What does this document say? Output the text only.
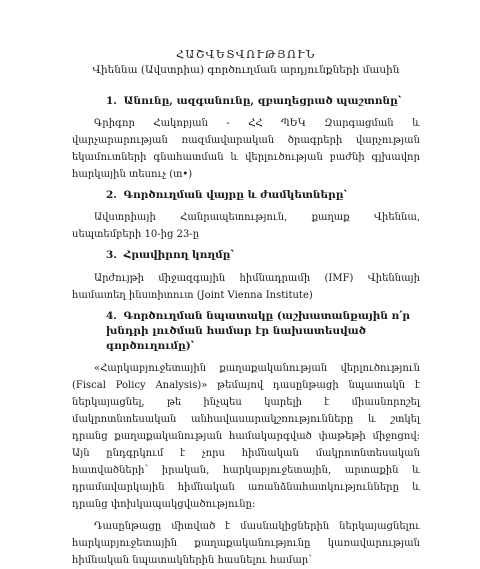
ՀԱՇՎԵՏՎՈՒԹՅՈՒՆ
Վիեննա (Ավստրիա) գործուղման արդյունքների մասին
1. Անունը, ազգանունը, զբաղեցրած պաշտոնը՝

Գրիգոր Հակոբյան - ՀՀ ՊԵԿ Զարգացման և վարչարարության ռազմավարական ծրագրերի վարչության եկամուտների գնահատման և վերլուծության բաժնի գլխավոր հարկային տեսուչ (տ•)

2. Գործուղման վայրը և ժամկետները՝

Ավստրիայի Հանրապետություն, քաղաք Վիեննա, սեպտեմբերի 10-ից 23-ը

3. Հրավիրող կողմը՝

Արժույթի միջազգային հիմնադրամի (IMF) Վիեննայի համատեղ ինստիտուտ (Joint Vienna Institute)

4. Գործուղման նպատակը (աշխատանքային ո՛ր խնդրի լուծման համար էր նախատեսված գործուղումը)՝

«Հարկաբյուջետային քաղաքականության վերլուծություն (Fiscal Policy Analysis)» թեմայով դասընթացի նպատակն է ներկայացնել, թե ինչպես կարելի է միասնորոշել մակրոտնտեսական անհավասարակշռությունները և շտկել դրանց քաղաքականության համակարգված փաթեթի միջոցով: Այն ընդգրկում է չորս հիմնական մակրոտնտեսական հատվածների՝ իրական, հարկաբյուջետային, արտաքին և դրամավարկային հիմնական առանձնահատկությունները և դրանց փոխկապակցվածությունը:

Դասընթացը միտված է մասնակիցներին ներկայացնելու հարկաբյուջետային քաղաքականությունը կառավարության հիմնական նպատակներին հասնելու համար՝
